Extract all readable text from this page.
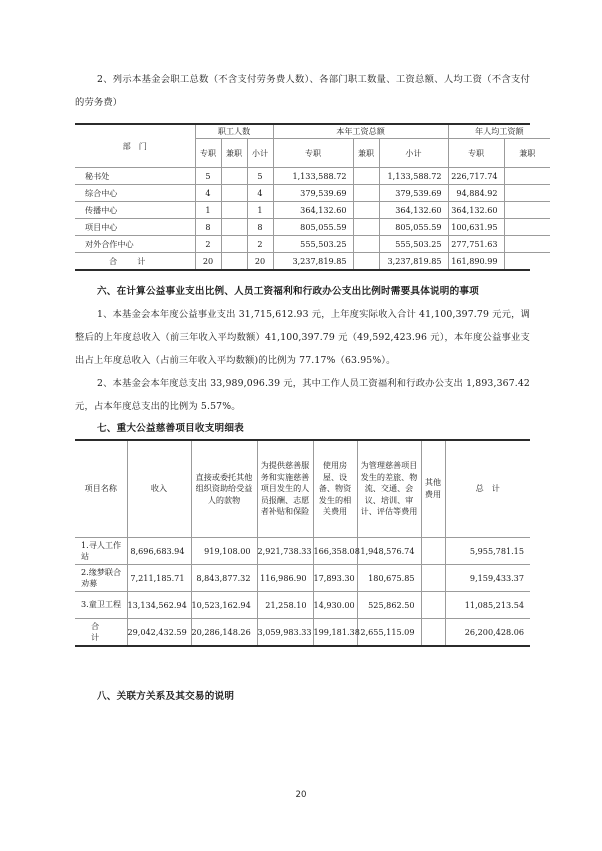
2、列示本基金会职工总数（不含支付劳务费人数）、各部门职工数量、工资总额、人均工资（不含支付的劳务费）

部　门	职工人数			本年工资总额			年人均工资额	
	专职	兼职	小计	专职	兼职	小计	专职	兼职
秘书处	5		5	1,133,588.72		1,133,588.72	226,717.74	
综合中心	4		4	379,539.69		379,539.69	94,884.92	
传播中心	1		1	364,132.60		364,132.60	364,132.60	
项目中心	8		8	805,055.59		805,055.59	100,631.95	
对外合作中心	2		2	555,503.25		555,503.25	277,751.63	
合　计	20		20	3,237,819.85		3,237,819.85	161,890.99	

六、在计算公益事业支出比例、人员工资福利和行政办公支出比例时需要具体说明的事项

1、本基金会本年度公益事业支出 31,715,612.93 元，上年度实际收入合计 41,100,397.79 元元，调整后的上年度总收入（前三年收入平均数额）41,100,397.79 元（49,592,423.96 元），本年度公益事业支出占上年度总收入（占前三年收入平均数额)的比例为 77.17%（63.95%）。

2、本基金会本年度总支出 33,989,096.39 元，其中工作人员工资福利和行政办公支出 1,893,367.42 元，占本年度总支出的比例为 5.57%。

七、重大公益慈善项目收支明细表

项目名称	收入	直接或委托其他组织资助给受益人的款物	为提供慈善服务和实施慈善项目发生的人员报酬、志愿者补贴和保险	使用房屋、设备、物资发生的相关费用	为管理慈善项目发生的差旅、物流、交通、会议、培训、审计、评估等费用	其他费用	总　计
1.寻人工作站	8,696,683.94	919,108.00	2,921,738.33	166,358.08	1,948,576.74		5,955,781.15
2.缘梦联合劝募	7,211,185.71	8,843,877.32	116,986.90	17,893.30	180,675.85		9,159,433.37
3.童卫工程	13,134,562.94	10,523,162.94	21,258.10	14,930.00	525,862.50		11,085,213.54
合　计	29,042,432.59	20,286,148.26	3,059,983.33	199,181.38	2,655,115.09		26,200,428.06

八、关联方关系及其交易的说明

20
